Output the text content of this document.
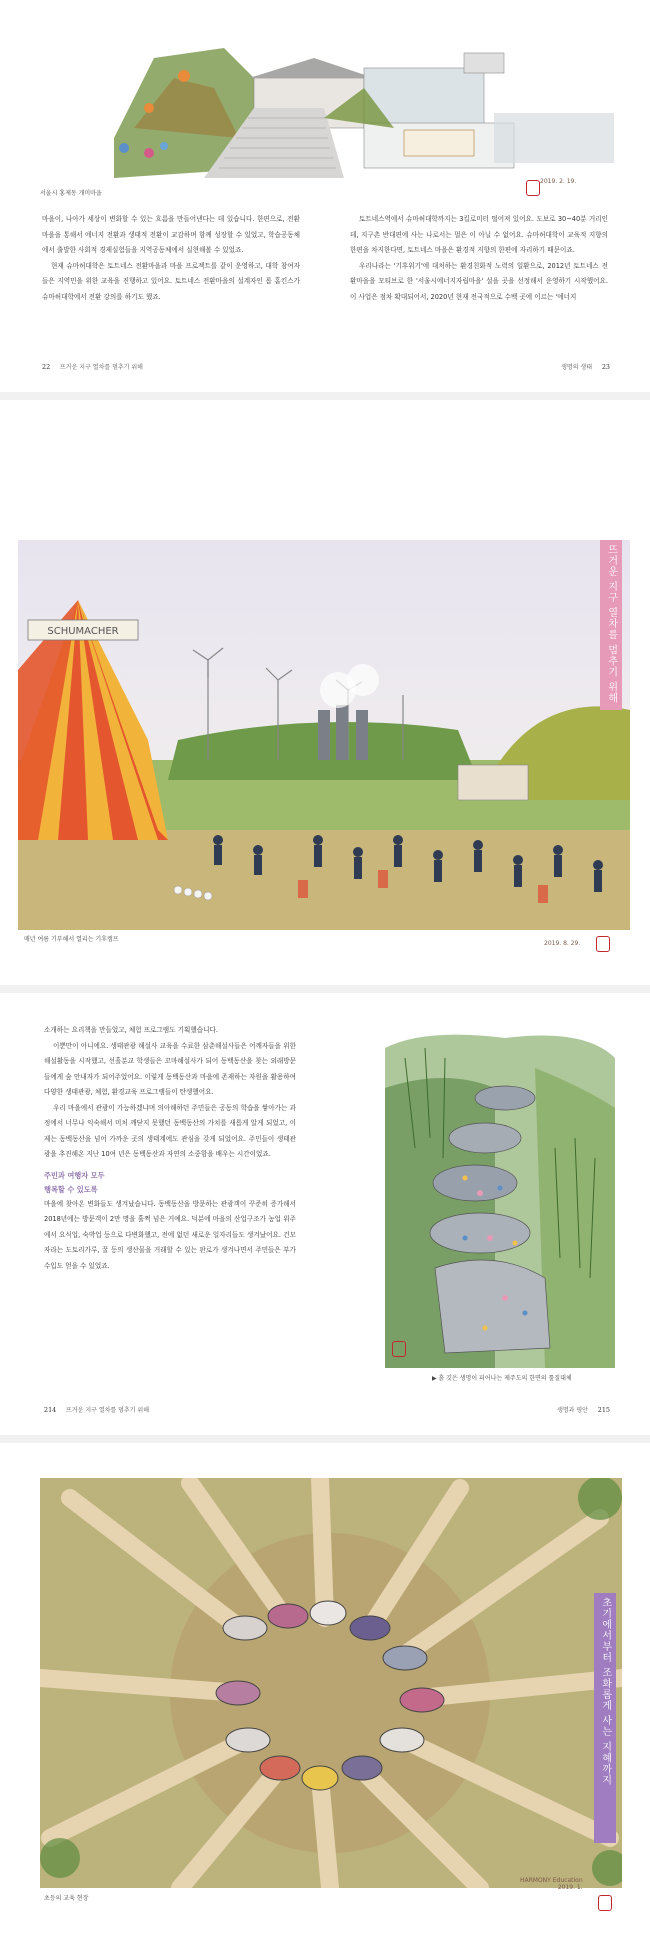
서울시 홍제동 개미마을
2019. 2. 19.

마을이, 나아가 세상이 변화할 수 있는 흐름을 만들어낸다는 데 있습니다. 한편으로, 전환마을을 통해서 에너지 전환과 생태적 전환이 교감하며 함께 성장할 수 있었고, 학습공동체에서 출발한 사회적 경제실험들을 지역공동체에서 실현해볼 수 있었죠.

현재 슈마허대학은 토트네스 전환마을과 마을 프로젝트를 같이 운영하고, 대학 참여자들은 지역민을 위한 교육을 진행하고 있어요. 토트네스 전환마을의 설계자인 롭 홉킨스가 슈마허대학에서 전환 강의를 하기도 했죠.

토트네스역에서 슈마허대학까지는 3킬로미터 떨어져 있어요. 도보로 30~40분 거리인데, 지구촌 반대편에 사는 나로서는 멀은 이 아닐 수 없어요. 슈마허대학이 교육적 지향의 한편을 차지한다면, 토트네스 마을은 환경적 지향의 한편에 자리하기 때문이죠.

우리나라는 '기후위기'에 대처하는 환경친화적 노력의 일환으로, 2012년 토트네스 전환마을을 모티브로 한 '서울시에너지자립마을' 설을 곳을 선정해서 운영하기 시작했어요. 이 사업은 점차 확대되어서, 2020년 현재 전국적으로 수백 곳에 이르는 '에너지

22 뜨거운 지구 열차를 멈추기 위해	생명의 생태 23
SCHUMACHER	뜨거운 지구 열차를 멈추기 위해
매년 여름 기부해서 열리는 기후캠프
2019. 8. 29.

소개하는 요리책을 만들었고, 체험 프로그램도 기획했습니다.

이뿐만이 아니에요. 생태관광 해설사 교육을 수료한 삼춘해설사들은 어깨자들을 위한 해설활동을 시작했고, 선흘분교 학생들은 꼬마해설사가 되어 동백동산을 찾는 외래방문들에게 숲 안내자가 되어주었어요. 이렇게 동백동산과 마을에 존재하는 자원을 활용하여 다양한 생태관광, 체험, 환경교육 프로그램들이 탄생했어요.

우리 마을에서 관광이 가능하겠냐며 의아해하던 주민들은 공동의 학습을 쌓아가는 과정에서 너무나 익숙해서 미처 깨닫지 못했던 동백동산의 가치를 새롭게 알게 되었고, 이제는 동백동산을 넘어 가까운 곳의 생태계에도 관심을 갖게 되었어요. 주민들이 생태관광을 추진해온 지난 10여 년은 동백동산과 자연의 소중함을 배우는 시간이었죠.

주민과 여행자 모두
행복할 수 있도록

마을에 찾아온 변화들도 생겨났습니다. 동백동산을 방문하는 관광객이 꾸준히 증가해서 2018년에는 방문객이 2만 명을 훌쩍 넘은 거예요. 덕분에 마을의 산업구조가 농업 위주에서 요식업, 숙박업 등으로 다변화했고, 전에 없던 새로운 일자리들도 생겨났어요. 건모자라는 도토리가루, 꿀 등의 생산물을 거래할 수 있는 판로가 생겨나면서 주민들은 부가수입도 얻을 수 있었죠.

▶ 흙 깃은 생명이 피어나는 제주도의 한면의 툴질대체
214 뜨거운 지구 열차를 멈추기 위해	생명과 평안 215
초기에서부터 조화롭게 사는 지혜까지
초등의 교육 현장
HARMONY Education
2019. 1.
